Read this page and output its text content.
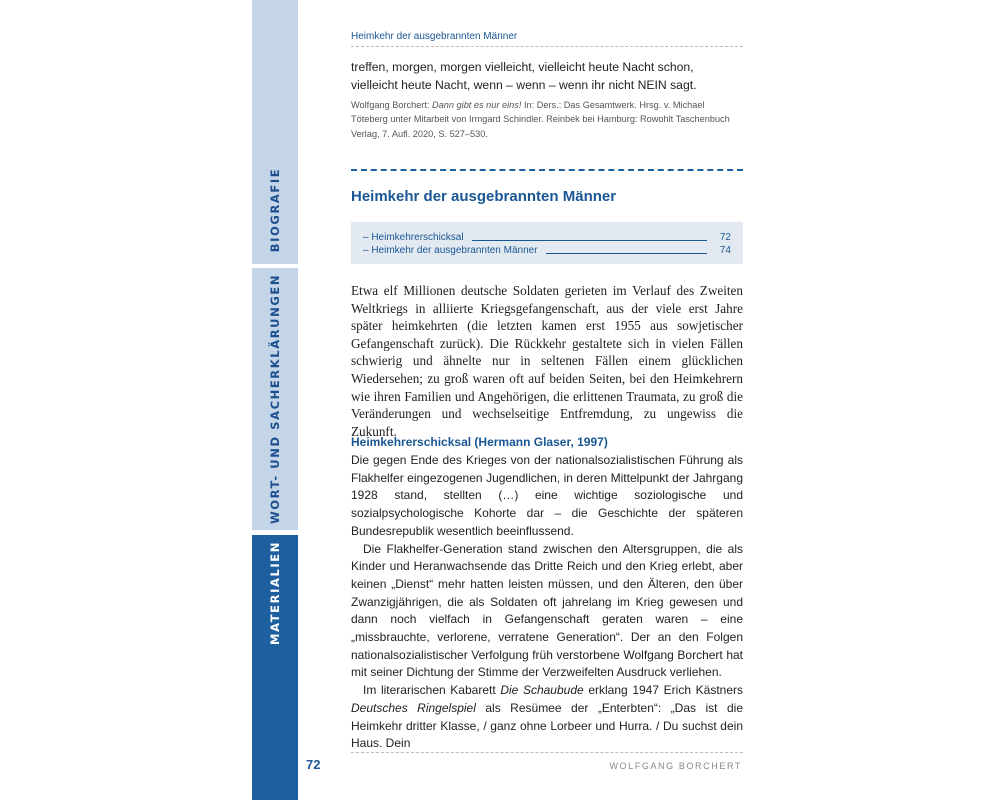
BIOGRAFIE
WORT- UND SACHERKLÄRUNGEN
MATERIALIEN
Heimkehr der ausgebrannten Männer
treffen, morgen, morgen vielleicht, vielleicht heute Nacht schon, vielleicht heute Nacht, wenn – wenn – wenn ihr nicht NEIN sagt.
Wolfgang Borchert: Dann gibt es nur eins! In: Ders.: Das Gesamtwerk. Hrsg. v. Michael Töteberg unter Mitarbeit von Irmgard Schindler. Reinbek bei Hamburg: Rowohlt Taschenbuch Verlag, 7. Aufl. 2020, S. 527–530.
Heimkehr der ausgebrannten Männer
– Heimkehrerschicksal	72
– Heimkehr der ausgebrannten Männer	74
Etwa elf Millionen deutsche Soldaten gerieten im Verlauf des Zweiten Weltkriegs in alliierte Kriegsgefangenschaft, aus der viele erst Jahre später heimkehrten (die letzten kamen erst 1955 aus sowjetischer Gefangenschaft zurück). Die Rückkehr gestaltete sich in vielen Fällen schwierig und ähnelte nur in seltenen Fällen einem glücklichen Wiedersehen; zu groß waren oft auf beiden Seiten, bei den Heimkehrern wie ihren Familien und Angehörigen, die erlittenen Traumata, zu groß die Veränderungen und wechselseitige Entfremdung, zu ungewiss die Zukunft.
Heimkehrerschicksal (Hermann Glaser, 1997)

Die gegen Ende des Krieges von der nationalsozialistischen Führung als Flakhelfer eingezogenen Jugendlichen, in deren Mittelpunkt der Jahrgang 1928 stand, stellten (…) eine wichtige soziologische und sozialpsychologische Kohorte dar – die Geschichte der späteren Bundesrepublik wesentlich beeinflussend.

Die Flakhelfer-Generation stand zwischen den Altersgruppen, die als Kinder und Heranwachsende das Dritte Reich und den Krieg erlebt, aber keinen „Dienst“ mehr hatten leisten müssen, und den Älteren, den über Zwanzigjährigen, die als Soldaten oft jahrelang im Krieg gewesen und dann noch vielfach in Gefangenschaft geraten waren – eine „missbrauchte, verlorene, verratene Generation“. Der an den Folgen nationalsozialistischer Verfolgung früh verstorbene Wolfgang Borchert hat mit seiner Dichtung der Stimme der Verzweifelten Ausdruck verliehen.

Im literarischen Kabarett Die Schaubude erklang 1947 Erich Kästners Deutsches Ringelspiel als Resümee der „Enterbten“: „Das ist die Heimkehr dritter Klasse, / ganz ohne Lorbeer und Hurra. / Du suchst dein Haus. Dein

72	WOLFGANG BORCHERT
